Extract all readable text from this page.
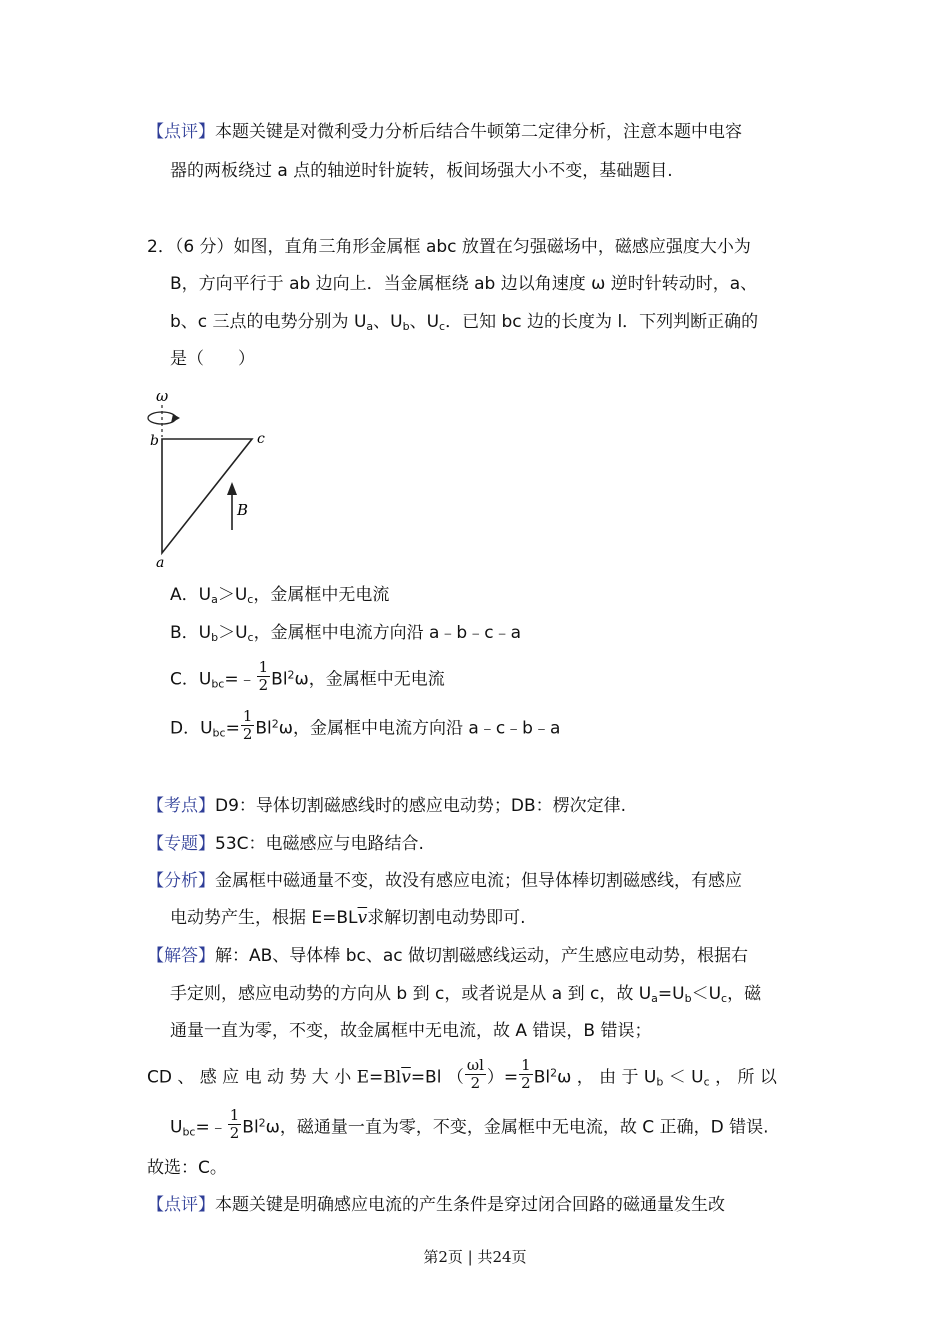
【点评】本题关键是对微利受力分析后结合牛顿第二定律分析，注意本题中电容
器的两板绕过 a 点的轴逆时针旋转，板间场强大小不变，基础题目.
2．（6 分）如图，直角三角形金属框 abc 放置在匀强磁场中，磁感应强度大小为
B，方向平行于 ab 边向上．当金属框绕 ab 边以角速度 ω 逆时针转动时，a、
b、c 三点的电势分别为 $U_a$、$U_b$、$U_c$．已知 bc 边的长度为 l．下列判断正确的
是（　　）
ω
b	c
a
B
A．$U_a>U_c$，金属框中无电流
B．$U_b>U_c$，金属框中电流方向沿 a﹣b﹣c﹣a
C．$U_{bc}=﹣ \frac{1}{2} Bl^2\omega$，金属框中无电流
D．$U_{bc}= \frac{1}{2} Bl^2\omega$，金属框中电流方向沿 a﹣c﹣b﹣a
【考点】D9：导体切割磁感线时的感应电动势；DB：楞次定律.
【专题】53C：电磁感应与电路结合.
【分析】金属框中磁通量不变，故没有感应电流；但导体棒切割磁感线，有感应
电动势产生，根据 $E=BL\overline{v}$求解切割电动势即可.
【解答】解：AB、导体棒 bc、ac 做切割磁感线运动，产生感应电动势，根据右
手定则，感应电动势的方向从 b 到 c，或者说是从 a 到 c，故 $U_a=U_b<U_c$，磁
通量一直为零，不变，故金属框中无电流，故 A 错误，B 错误；
CD 、 感 应 电 动 势 大 小 $E=Bl\overline{v}=Bl$ （ $\frac{\omega l}{2}$ ）= $\frac{1}{2} Bl^2\omega$ ， 由 于 $U_b < U_c$ ， 所 以
$U_{bc}=﹣ \frac{1}{2} Bl^2\omega$，磁通量一直为零，不变，金属框中无电流，故 C 正确，D 错误.
故选：C。
【点评】本题关键是明确感应电流的产生条件是穿过闭合回路的磁通量发生改
第2页 | 共24页
